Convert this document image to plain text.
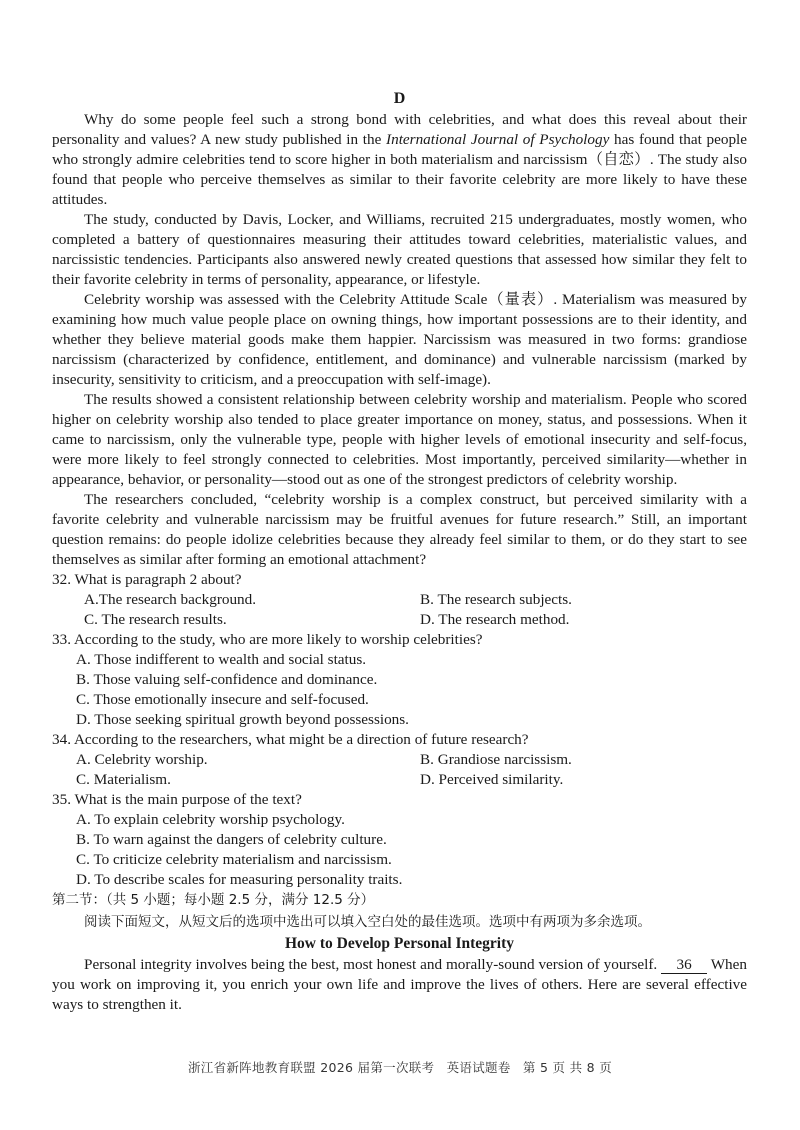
D

Why do some people feel such a strong bond with celebrities, and what does this reveal about their personality and values? A new study published in the International Journal of Psychology has found that people who strongly admire celebrities tend to score higher in both materialism and narcissism（自恋）. The study also found that people who perceive themselves as similar to their favorite celebrity are more likely to have these attitudes.

The study, conducted by Davis, Locker, and Williams, recruited 215 undergraduates, mostly women, who completed a battery of questionnaires measuring their attitudes toward celebrities, materialistic values, and narcissistic tendencies. Participants also answered newly created questions that assessed how similar they felt to their favorite celebrity in terms of personality, appearance, or lifestyle.

Celebrity worship was assessed with the Celebrity Attitude Scale（量表）. Materialism was measured by examining how much value people place on owning things, how important possessions are to their identity, and whether they believe material goods make them happier. Narcissism was measured in two forms: grandiose narcissism (characterized by confidence, entitlement, and dominance) and vulnerable narcissism (marked by insecurity, sensitivity to criticism, and a preoccupation with self-image).

The results showed a consistent relationship between celebrity worship and materialism. People who scored higher on celebrity worship also tended to place greater importance on money, status, and possessions. When it came to narcissism, only the vulnerable type, people with higher levels of emotional insecurity and self-focus, were more likely to feel strongly connected to celebrities. Most importantly, perceived similarity—whether in appearance, behavior, or personality—stood out as one of the strongest predictors of celebrity worship.

The researchers concluded, “celebrity worship is a complex construct, but perceived similarity with a favorite celebrity and vulnerable narcissism may be fruitful avenues for future research.” Still, an important question remains: do people idolize celebrities because they already feel similar to them, or do they start to see themselves as similar after forming an emotional attachment?

32. What is paragraph 2 about?

A.The research background.	B. The research subjects.

C. The research results.	D. The research method.

33. According to the study, who are more likely to worship celebrities?

A. Those indifferent to wealth and social status.

B. Those valuing self-confidence and dominance.

C. Those emotionally insecure and self-focused.

D. Those seeking spiritual growth beyond possessions.

34. According to the researchers, what might be a direction of future research?

A. Celebrity worship.	B. Grandiose narcissism.

C. Materialism.	D. Perceived similarity.

35. What is the main purpose of the text?

A. To explain celebrity worship psychology.

B. To warn against the dangers of celebrity culture.

C. To criticize celebrity materialism and narcissism.

D. To describe scales for measuring personality traits.

第二节：（共 5 小题；每小题 2.5 分，满分 12.5 分）
阅读下面短文，从短文后的选项中选出可以填入空白处的最佳选项。选项中有两项为多余选项。
How to Develop Personal Integrity

Personal integrity involves being the best, most honest and morally-sound version of yourself. 36 When you work on improving it, you enrich your own life and improve the lives of others. Here are several effective ways to strengthen it.

浙江省新阵地教育联盟 2026 届第一次联考 英语试题卷 第 5 页 共 8 页
